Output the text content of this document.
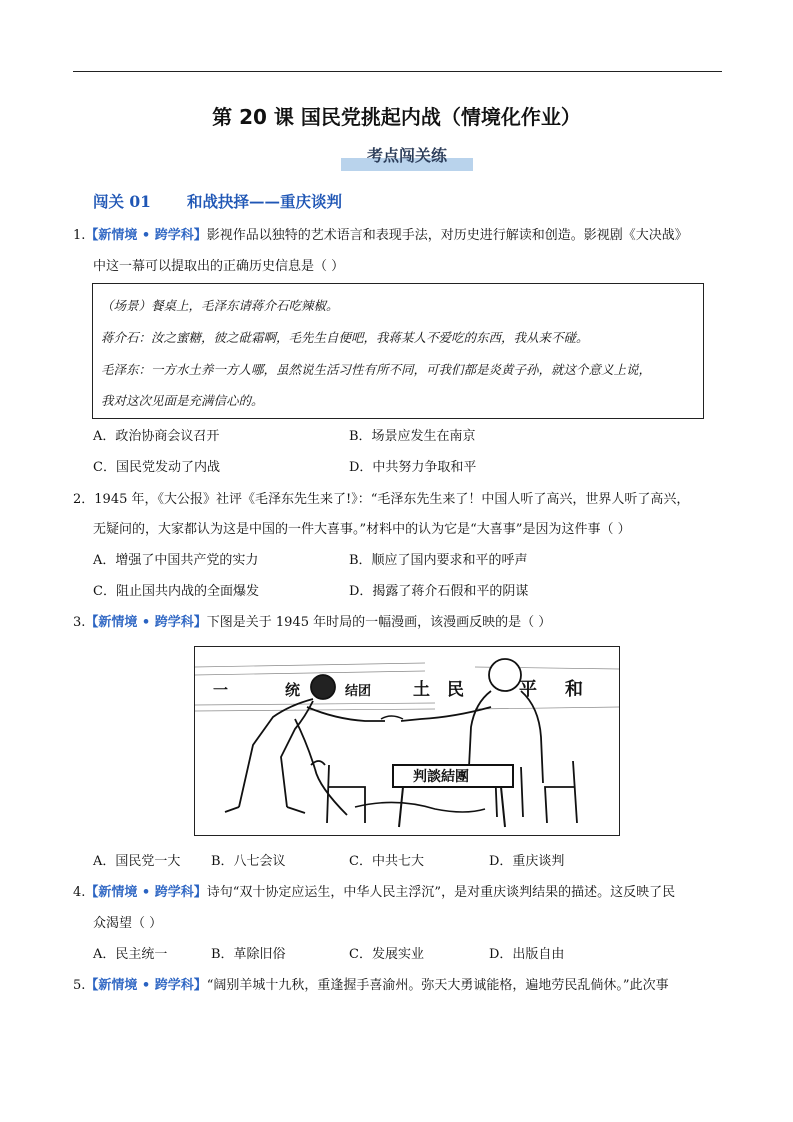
第 20 课 国民党挑起内战（情境化作业）
考点闯关练
闯关 01 和战抉择——重庆谈判
1.【新情境 • 跨学科】影视作品以独特的艺术语言和表现手法，对历史进行解读和创造。影视剧《大决战》
中这一幕可以提取出的正确历史信息是（ ）
（场景）餐桌上，毛泽东请蒋介石吃辣椒。
蒋介石：汝之蜜糖，彼之砒霜啊，毛先生自便吧，我蒋某人不爱吃的东西，我从来不碰。
毛泽东：一方水土养一方人哪，虽然说生活习性有所不同，可我们都是炎黄子孙，就这个意义上说，
我对这次见面是充满信心的。
A．政治协商会议召开	B．场景应发生在南京
C．国民党发动了内战	D．中共努力争取和平
2．1945 年，《大公报》社评《毛泽东先生来了!》：“毛泽东先生来了！中国人听了高兴，世界人听了高兴，
无疑问的，大家都认为这是中国的一件大喜事。”材料中的认为它是“大喜事”是因为这件事（ ）
A．增强了中国共产党的实力	B．顺应了国内要求和平的呼声
C．阻止国共内战的全面爆发	D．揭露了蒋介石假和平的阴谋
3.【新情境 • 跨学科】下图是关于 1945 年时局的一幅漫画，该漫画反映的是（ ）
一	统	结团 土 民	平 和
判談結團
A．国民党一大 B．八七会议	C．中共七大	D．重庆谈判
4.【新情境 • 跨学科】诗句“双十协定应运生，中华人民主浮沉”，是对重庆谈判结果的描述。这反映了民
众渴望（ ）
A．民主统一	B．革除旧俗	C．发展实业	D．出版自由
5.【新情境 • 跨学科】“阔别羊城十九秋，重逢握手喜渝州。弥天大勇诚能格，遍地劳民乱倘休。”此次事
